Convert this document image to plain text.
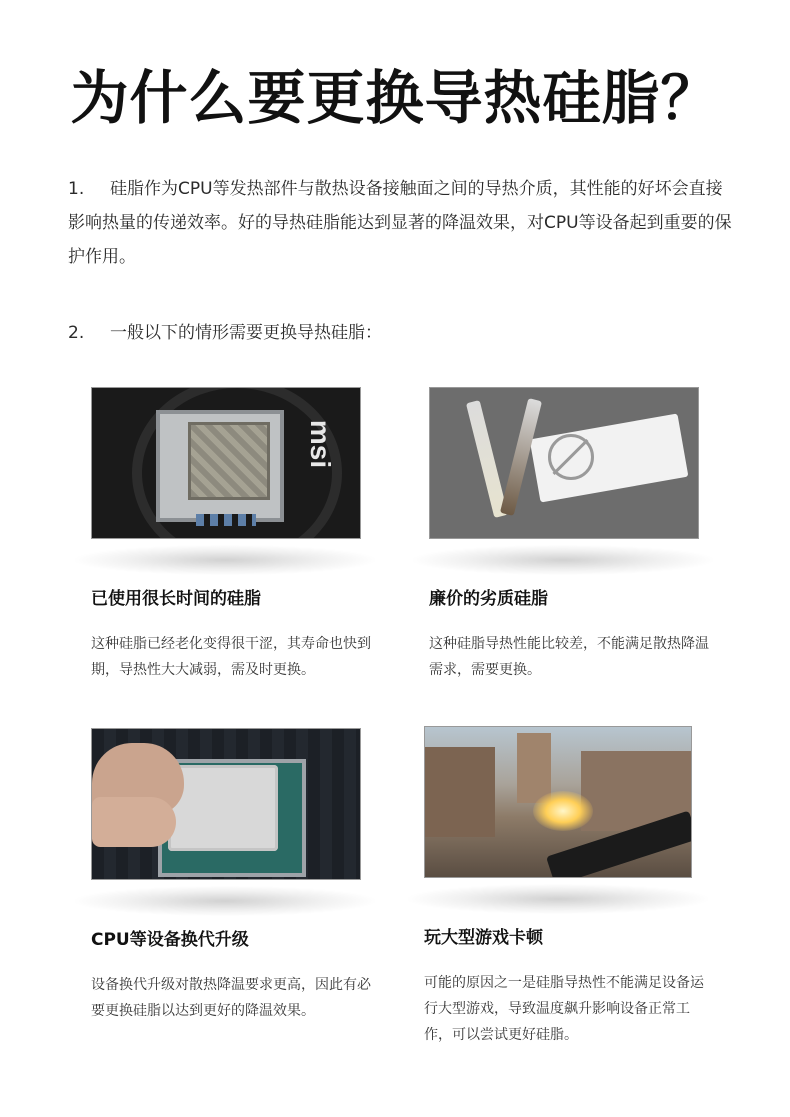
为什么要更换导热硅脂？

1. 硅脂作为CPU等发热部件与散热设备接触面之间的导热介质，其性能的好坏会直接影响热量的传递效率。好的导热硅脂能达到显著的降温效果，对CPU等设备起到重要的保护作用。

2. 一般以下的情形需要更换导热硅脂：

msi
已使用很长时间的硅脂
这种硅脂已经老化变得很干涩，其寿命也快到期，导热性大大减弱，需及时更换。
廉价的劣质硅脂
这种硅脂导热性能比较差，不能满足散热降温需求，需要更换。
CPU等设备换代升级
设备换代升级对散热降温要求更高，因此有必要更换硅脂以达到更好的降温效果。
玩大型游戏卡顿
可能的原因之一是硅脂导热性不能满足设备运行大型游戏，导致温度飙升影响设备正常工作，可以尝试更好硅脂。
